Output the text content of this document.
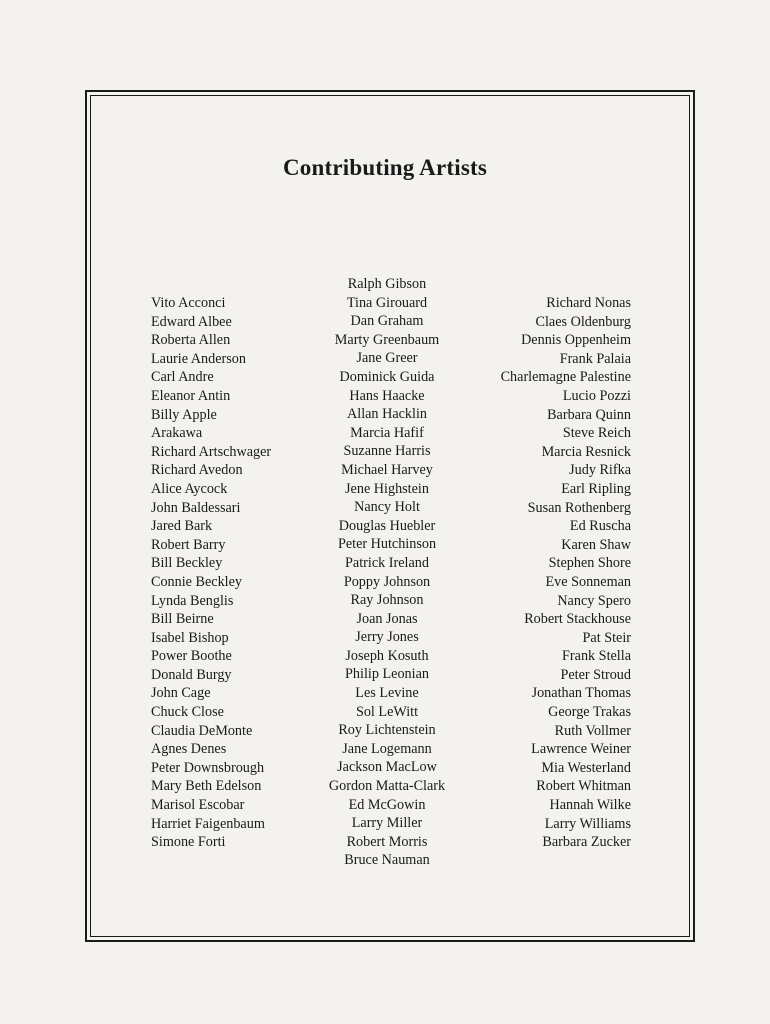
Contributing Artists
Vito Acconci
Edward Albee
Roberta Allen
Laurie Anderson
Carl Andre
Eleanor Antin
Billy Apple
Arakawa
Richard Artschwager
Richard Avedon
Alice Aycock
John Baldessari
Jared Bark
Robert Barry
Bill Beckley
Connie Beckley
Lynda Benglis
Bill Beirne
Isabel Bishop
Power Boothe
Donald Burgy
John Cage
Chuck Close
Claudia DeMonte
Agnes Denes
Peter Downsbrough
Mary Beth Edelson
Marisol Escobar
Harriet Faigenbaum
Simone Forti
Ralph Gibson
Tina Girouard
Dan Graham
Marty Greenbaum
Jane Greer
Dominick Guida
Hans Haacke
Allan Hacklin
Marcia Hafif
Suzanne Harris
Michael Harvey
Jene Highstein
Nancy Holt
Douglas Huebler
Peter Hutchinson
Patrick Ireland
Poppy Johnson
Ray Johnson
Joan Jonas
Jerry Jones
Joseph Kosuth
Philip Leonian
Les Levine
Sol LeWitt
Roy Lichtenstein
Jane Logemann
Jackson MacLow
Gordon Matta-Clark
Ed McGowin
Larry Miller
Robert Morris
Bruce Nauman
Richard Nonas
Claes Oldenburg
Dennis Oppenheim
Frank Palaia
Charlemagne Palestine
Lucio Pozzi
Barbara Quinn
Steve Reich
Marcia Resnick
Judy Rifka
Earl Ripling
Susan Rothenberg
Ed Ruscha
Karen Shaw
Stephen Shore
Eve Sonneman
Nancy Spero
Robert Stackhouse
Pat Steir
Frank Stella
Peter Stroud
Jonathan Thomas
George Trakas
Ruth Vollmer
Lawrence Weiner
Mia Westerland
Robert Whitman
Hannah Wilke
Larry Williams
Barbara Zucker
